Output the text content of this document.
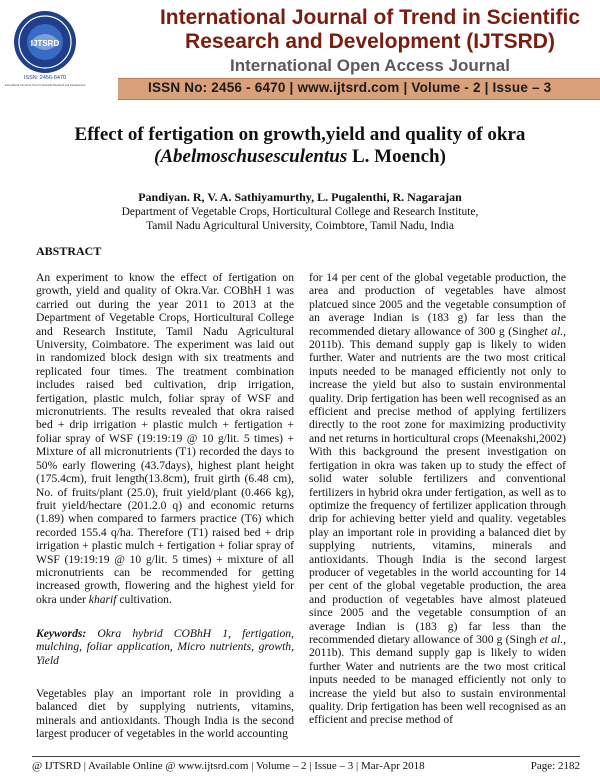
IJTSRD
ISSN: 2456-6470
International Journal of Trend in Scientific Research and Development
International Journal of Trend in Scientific
Research and Development (IJTSRD)
International Open Access Journal
ISSN No: 2456 - 6470 | www.ijtsrd.com | Volume - 2 | Issue – 3
Effect of fertigation on growth,yield and quality of okra
(Abelmoschusesculentus L. Moench)
Pandiyan. R, V. A. Sathiyamurthy, L. Pugalenthi, R. Nagarajan
Department of Vegetable Crops, Horticultural College and Research Institute,
Tamil Nadu Agricultural University, Coimbtore, Tamil Nadu, India
ABSTRACT
An experiment to know the effect of fertigation on growth, yield and quality of Okra.Var. COBhH 1 was carried out during the year 2011 to 2013 at the Department of Vegetable Crops, Horticultural College and Research Institute, Tamil Nadu Agricultural University, Coimbatore. The experiment was laid out in randomized block design with six treatments and replicated four times. The treatment combination includes raised bed cultivation, drip irrigation, fertigation, plastic mulch, foliar spray of WSF and micronutrients. The results revealed that okra raised bed + drip irrigation + plastic mulch + fertigation + foliar spray of WSF (19:19:19 @ 10 g/lit. 5 times) + Mixture of all micronutrients (T1) recorded the days to 50% early flowering (43.7days), highest plant height (175.4cm), fruit length(13.8cm), fruit girth (6.48 cm), No. of fruits/plant (25.0), fruit yield/plant (0.466 kg), fruit yield/hectare (201.2.0 q) and economic returns (1.89) when compared to farmers practice (T6) which recorded 155.4 q/ha. Therefore (T1) raised bed + drip irrigation + plastic mulch + fertigation + foliar spray of WSF (19:19:19 @ 10 g/lit. 5 times) + mixture of all micronutrients can be recommended for getting increased growth, flowering and the highest yield for okra under kharif cultivation.
Keywords: Okra hybrid COBhH 1, fertigation, mulching, foliar application, Micro nutrients, growth, Yield
Vegetables play an important role in providing a balanced diet by supplying nutrients, vitamins, minerals and antioxidants. Though India is the second largest producer of vegetables in the world accounting
for 14 per cent of the global vegetable production, the area and production of vegetables have almost platcued since 2005 and the vegetable consumption of an average Indian is (183 g) far less than the recommended dietary allowance of 300 g (Singhet al., 2011b). This demand supply gap is likely to widen further. Water and nutrients are the two most critical inputs needed to be managed efficiently not only to increase the yield but also to sustain environmental quality. Drip fertigation has been well recognised as an efficient and precise method of applying fertilizers directly to the root zone for maximizing productivity and net returns in horticultural crops (Meenakshi,2002) With this background the present investigation on fertigation in okra was taken up to study the effect of solid water soluble fertilizers and conventional fertilizers in hybrid okra under fertigation, as well as to optimize the frequency of fertilizer application through drip for achieving better yield and quality. vegetables play an important role in providing a balanced diet by supplying nutrients, vitamins, minerals and antioxidants. Though India is the second largest producer of vegetables in the world accounting for 14 per cent of the global vegetable production, the area and production of vegetables have almost plateued since 2005 and the vegetable consumption of an average Indian is (183 g) far less than the recommended dietary allowance of 300 g (Singh et al., 2011b). This demand supply gap is likely to widen further Water and nutrients are the two most critical inputs needed to be managed efficiently not only to increase the yield but also to sustain environmental quality. Drip fertigation has been well recognised as an efficient and precise method of
@ IJTSRD | Available Online @ www.ijtsrd.com | Volume – 2 | Issue – 3 | Mar-Apr 2018	Page: 2182
